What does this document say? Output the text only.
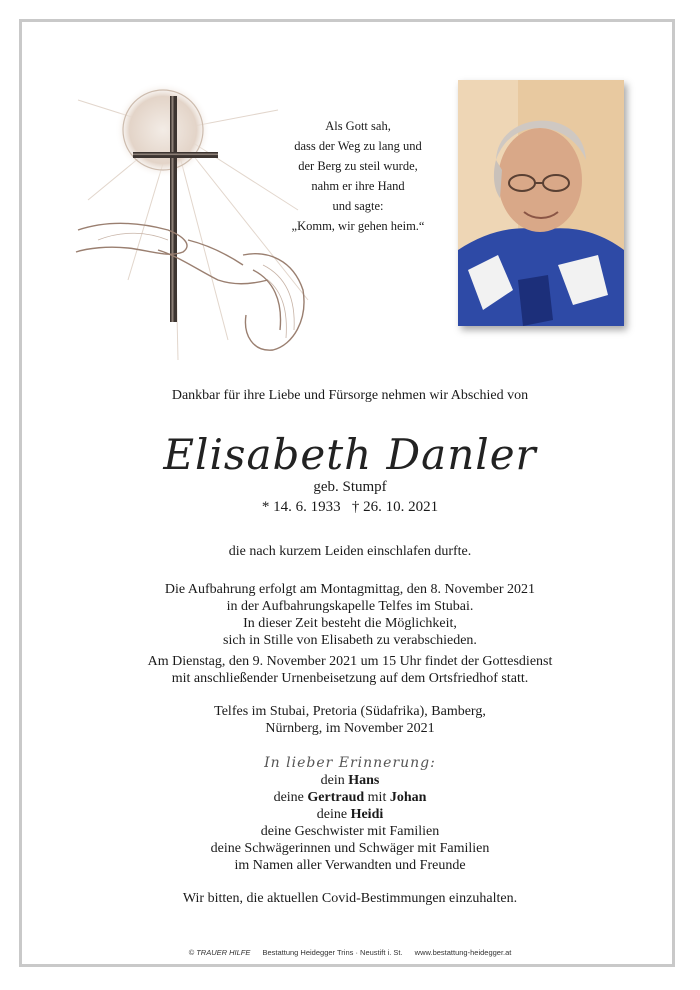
Als Gott sah,
dass der Weg zu lang und
der Berg zu steil wurde,
nahm er ihre Hand
und sagte:
„Komm, wir gehen heim.“
Dankbar für ihre Liebe und Fürsorge nehmen wir Abschied von
Elisabeth Danler
geb. Stumpf
* 14. 6. 1933   † 26. 10. 2021
die nach kurzem Leiden einschlafen durfte.
Die Aufbahrung erfolgt am Montagmittag, den 8. November 2021
in der Aufbahrungskapelle Telfes im Stubai.
In dieser Zeit besteht die Möglichkeit,
sich in Stille von Elisabeth zu verabschieden.
Am Dienstag, den 9. November 2021 um 15 Uhr findet der Gottesdienst
mit anschließender Urnenbeisetzung auf dem Ortsfriedhof statt.
Telfes im Stubai, Pretoria (Südafrika), Bamberg,
Nürnberg, im November 2021
In lieber Erinnerung:
dein Hans
deine Gertraud mit Johan
deine Heidi
deine Geschwister mit Familien
deine Schwägerinnen und Schwäger mit Familien
im Namen aller Verwandten und Freunde
Wir bitten, die aktuellen Covid-Bestimmungen einzuhalten.
© TRAUER HILFE Bestattung Heidegger Trins · Neustift i. St. www.bestattung-heidegger.at
